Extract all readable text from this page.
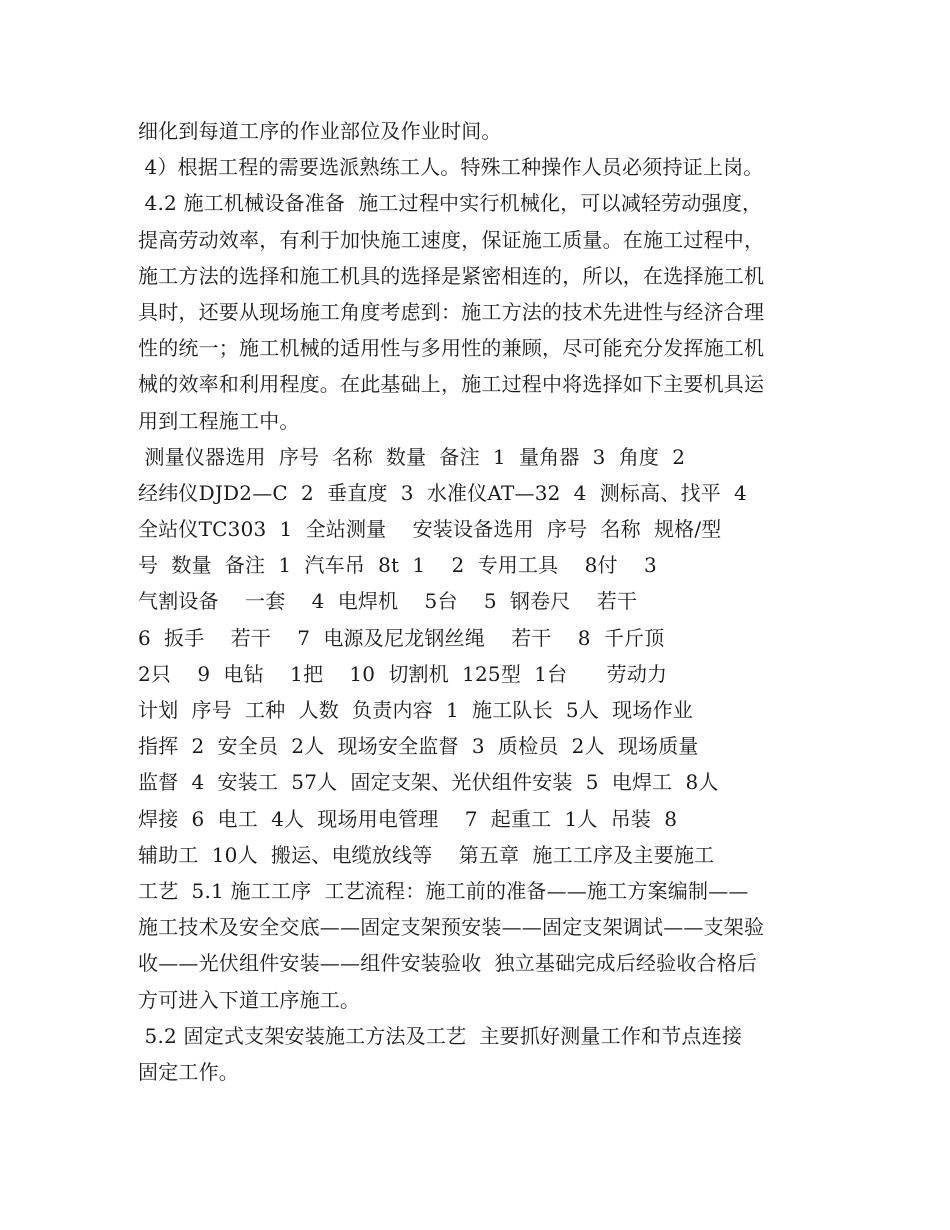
细化到每道工序的作业部位及作业时间。
4）根据工程的需要选派熟练工人。特殊工种操作人员必须持证上岗。
4.2 施工机械设备准备  施工过程中实行机械化，可以减轻劳动强度，
提高劳动效率，有利于加快施工速度，保证施工质量。在施工过程中，
施工方法的选择和施工机具的选择是紧密相连的，所以，在选择施工机
具时，还要从现场施工角度考虑到：施工方法的技术先进性与经济合理
性的统一；施工机械的适用性与多用性的兼顾，尽可能充分发挥施工机
械的效率和利用程度。在此基础上，施工过程中将选择如下主要机具运
用到工程施工中。
测量仪器选用  序号  名称  数量  备注  1  量角器  3  角度  2
经纬仪DJD2—C  2  垂直度  3  水准仪AT—32  4  测标高、找平  4
全站仪TC303  1  全站测量    安装设备选用  序号  名称  规格/型
号  数量  备注  1  汽车吊  8t  1    2  专用工具    8付    3
气割设备    一套    4  电焊机    5台    5  钢卷尺    若干
6  扳手    若干    7  电源及尼龙钢丝绳    若干    8  千斤顶
2只    9  电钻    1把    10  切割机  125型  1台      劳动力
计划  序号  工种  人数  负责内容  1  施工队长  5人  现场作业
指挥  2  安全员  2人  现场安全监督  3  质检员  2人  现场质量
监督  4  安装工  57人  固定支架、光伏组件安装  5  电焊工  8人
焊接  6  电工  4人  现场用电管理    7  起重工  1人  吊装  8
辅助工  10人  搬运、电缆放线等    第五章  施工工序及主要施工
工艺  5.1 施工工序  工艺流程：施工前的准备——施工方案编制——
施工技术及安全交底——固定支架预安装——固定支架调试——支架验
收——光伏组件安装——组件安装验收  独立基础完成后经验收合格后
方可进入下道工序施工。
5.2 固定式支架安装施工方法及工艺  主要抓好测量工作和节点连接
固定工作。
